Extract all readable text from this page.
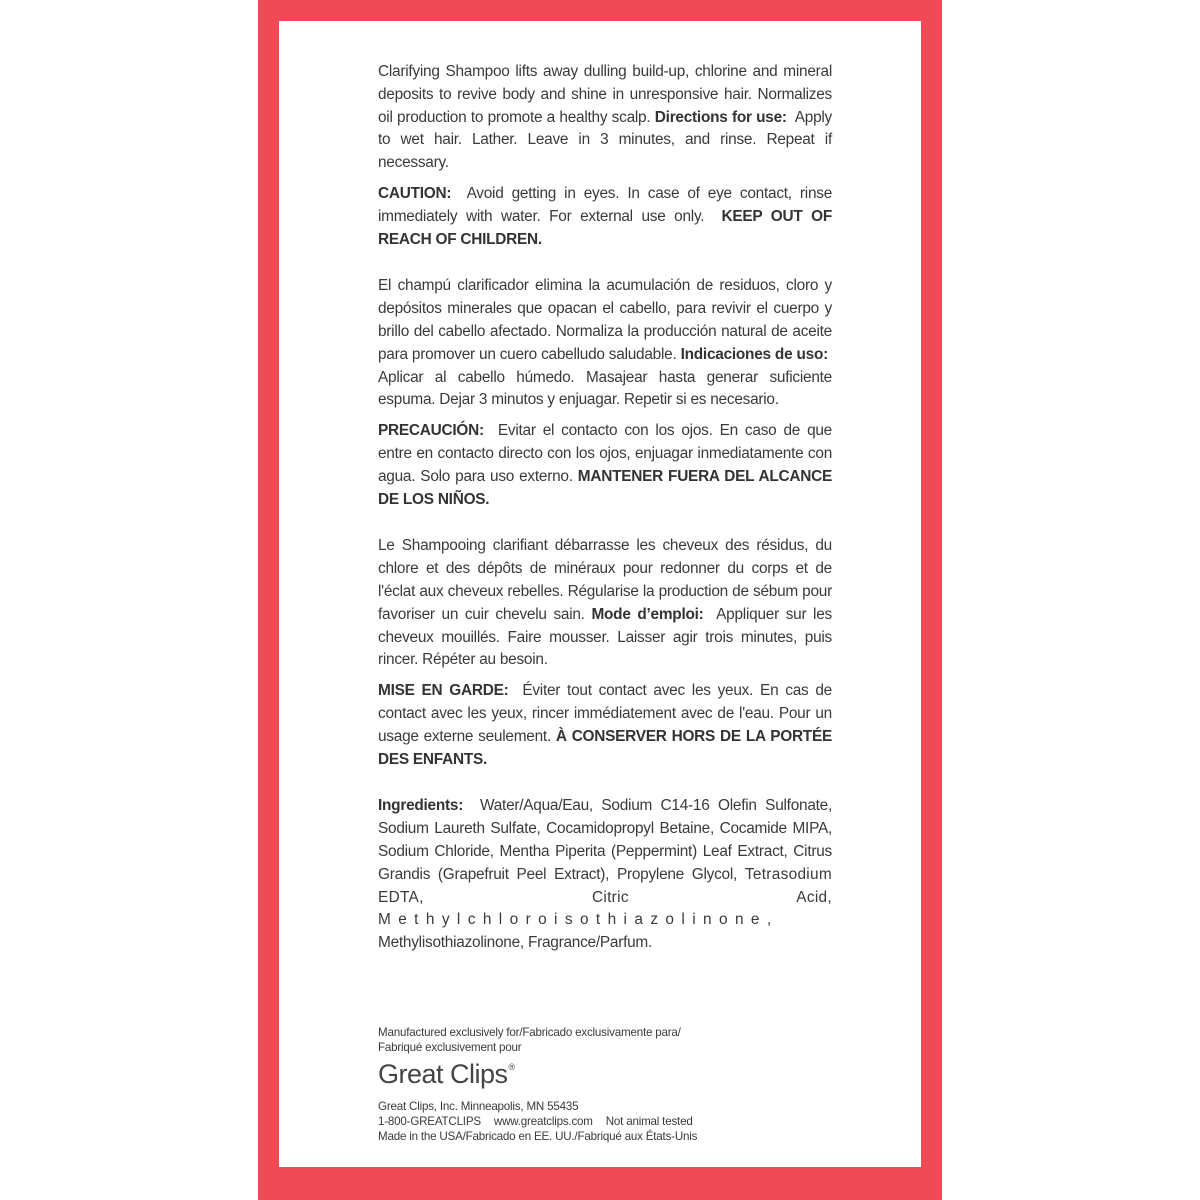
Clarifying Shampoo lifts away dulling build-up, chlorine and mineral deposits to revive body and shine in unresponsive hair. Normalizes oil production to promote a healthy scalp. Directions for use: Apply to wet hair. Lather. Leave in 3 minutes, and rinse. Repeat if necessary.

CAUTION: Avoid getting in eyes. In case of eye contact, rinse immediately with water. For external use only. KEEP OUT OF REACH OF CHILDREN.

El champú clarificador elimina la acumulación de residuos, cloro y depósitos minerales que opacan el cabello, para revivir el cuerpo y brillo del cabello afectado. Normaliza la producción natural de aceite para promover un cuero cabelludo saludable. Indicaciones de uso:  Aplicar al cabello húmedo. Masajear hasta generar suficiente espuma. Dejar 3 minutos y enjuagar. Repetir si es necesario.

PRECAUCIÓN: Evitar el contacto con los ojos. En caso de que entre en contacto directo con los ojos, enjuagar inmediatamente con agua. Solo para uso externo. MANTENER FUERA DEL ALCANCE DE LOS NIÑOS.

Le Shampooing clarifiant débarrasse les cheveux des résidus, du chlore et des dépôts de minéraux pour redonner du corps et de l'éclat aux cheveux rebelles. Régularise la production de sébum pour favoriser un cuir chevelu sain. Mode d’emploi: Appliquer sur les cheveux mouillés. Faire mousser. Laisser agir trois minutes, puis rincer. Répéter au besoin.

MISE EN GARDE: Éviter tout contact avec les yeux. En cas de contact avec les yeux, rincer immédiatement avec de l'eau. Pour un usage externe seulement. À CONSERVER HORS DE LA PORTÉE DES ENFANTS.

Ingredients: Water/Aqua/Eau, Sodium C14-16 Olefin Sulfonate, Sodium Laureth Sulfate, Cocamidopropyl Betaine, Cocamide MIPA, Sodium Chloride, Mentha Piperita (Peppermint) Leaf Extract, Citrus Grandis (Grapefruit Peel Extract), Propylene Glycol, Tetrasodium EDTA, Citric Acid, Methylchloroisothiazolinone, Methylisothiazolinone, Fragrance/Parfum.

Manufactured exclusively for/Fabricado exclusivamente para/

Fabriqué exclusivement pour

Great Clips ®

Great Clips, Inc. Minneapolis, MN 55435

1-800-GREATCLIPS www.greatclips.com Not animal tested

Made in the USA/Fabricado en EE. UU./Fabriqué aux États-Unis
